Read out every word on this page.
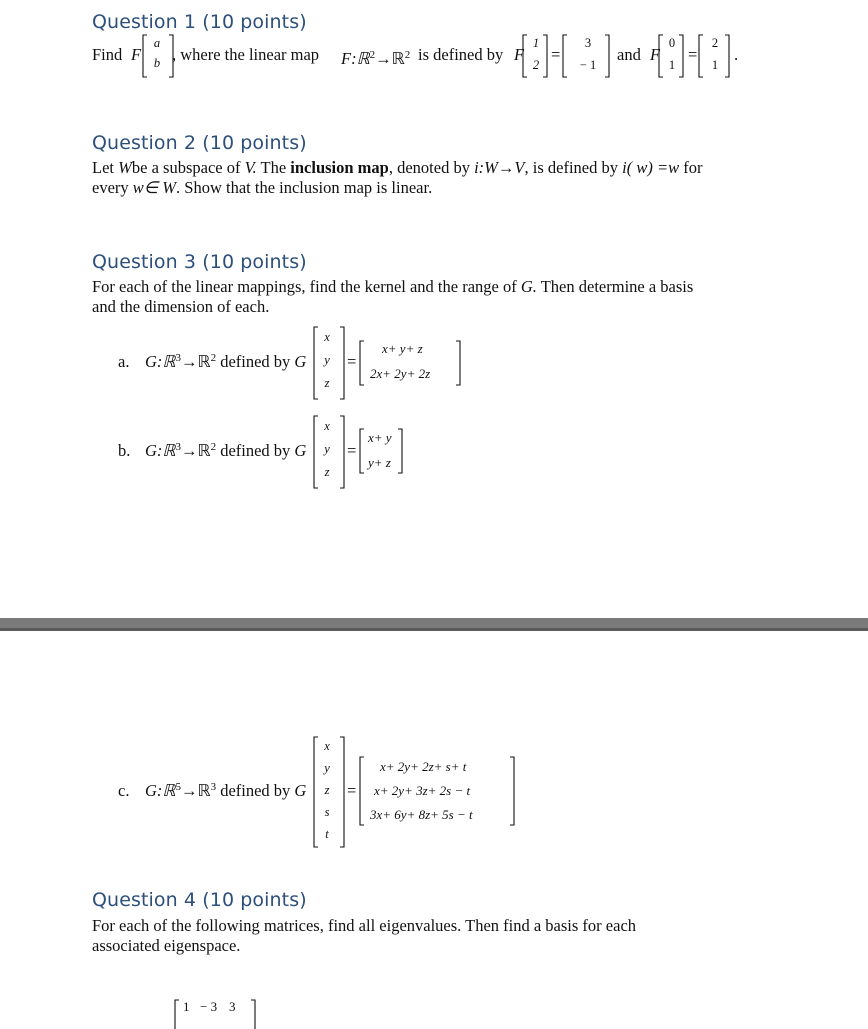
Question 1 (10 points)
Find F
a
b , where the linear map F:ℝ$^2$→ℝ$^2$ is defined by F
1
2
=
3
− 1
and F
0
1
=
2
1
.
Question 2 (10 points)
Let Wbe a subspace of V. The inclusion map, denoted by i:W→V, is defined by i( w) =w for
every w∈ W. Show that the inclusion map is linear.
Question 3 (10 points)
For each of the linear mappings, find the kernel and the range of G. Then determine a basis
and the dimension of each.
a. G:ℝ$^3$→ℝ$^2$ defined by G
x
y
z
=
x+ y+ z
2x+ 2y+ 2z
b. G:ℝ$^3$→ℝ$^2$ defined by G
x
y
z
=
x+ y
y+ z
c. G:ℝ$^5$→ℝ$^3$ defined by G
x
y
z
s
t
=
x+ 2y+ 2z+ s+ t
x+ 2y+ 3z+ 2s − t
3x+ 6y+ 8z+ 5s − t
Question 4 (10 points)
For each of the following matrices, find all eigenvalues. Then find a basis for each
associated eigenspace.
1 − 3 3
